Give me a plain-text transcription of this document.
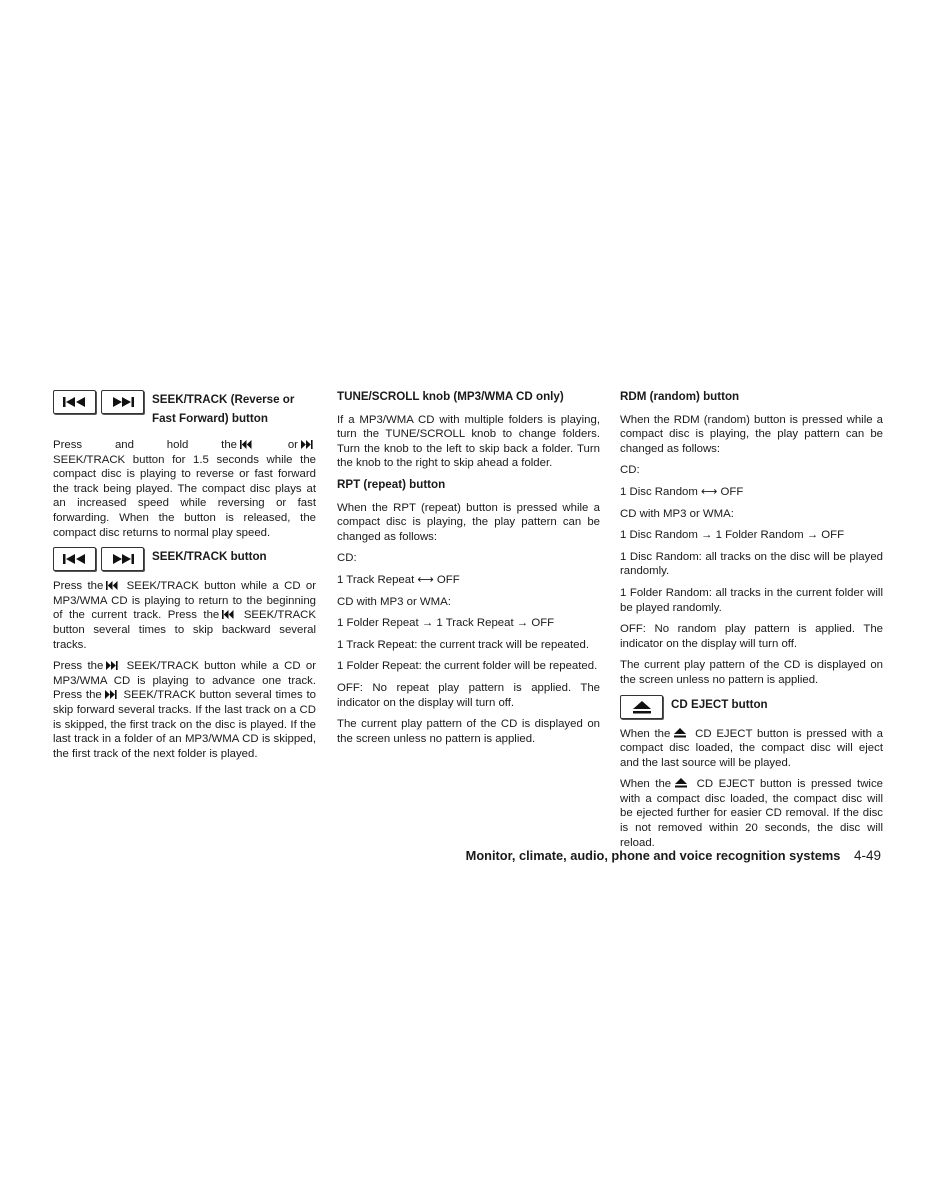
SEEK/TRACK (Reverse or
Fast Forward) button

Press	and	hold	the	or
SEEK/TRACK button for 1.5 seconds while the compact disc is playing to reverse or fast forward the track being played. The compact disc plays at an increased speed while reversing or fast forwarding. When the button is released, the compact disc returns to normal play speed.

SEEK/TRACK button

Press the SEEK/TRACK button while a CD or MP3/WMA CD is playing to return to the beginning of the current track. Press the SEEK/TRACK button several times to skip backward several tracks.

Press the SEEK/TRACK button while a CD or MP3/WMA CD is playing to advance one track. Press the SEEK/TRACK button several times to skip forward several tracks. If the last track on a CD is skipped, the first track on the disc is played. If the last track in a folder of an MP3/WMA CD is skipped, the first track of the next folder is played.

TUNE/SCROLL knob (MP3/WMA CD only)

If a MP3/WMA CD with multiple folders is playing, turn the TUNE/SCROLL knob to change folders. Turn the knob to the left to skip back a folder. Turn the knob to the right to skip ahead a folder.

RPT (repeat) button

When the RPT (repeat) button is pressed while a compact disc is playing, the play pattern can be changed as follows:

CD:

1 Track Repeat ⟷ OFF

CD with MP3 or WMA:

1 Folder Repeat → 1 Track Repeat → OFF

1 Track Repeat: the current track will be repeated.

1 Folder Repeat: the current folder will be repeated.

OFF: No repeat play pattern is applied. The indicator on the display will turn off.

The current play pattern of the CD is displayed on the screen unless no pattern is applied.

RDM (random) button

When the RDM (random) button is pressed while a compact disc is playing, the play pattern can be changed as follows:

CD:

1 Disc Random ⟷ OFF

CD with MP3 or WMA:

1 Disc Random → 1 Folder Random → OFF

1 Disc Random: all tracks on the disc will be played randomly.

1 Folder Random: all tracks in the current folder will be played randomly.

OFF: No random play pattern is applied. The indicator on the display will turn off.

The current play pattern of the CD is displayed on the screen unless no pattern is applied.

CD EJECT button

When the CD EJECT button is pressed with a compact disc loaded, the compact disc will eject and the last source will be played.

When the CD EJECT button is pressed twice with a compact disc loaded, the compact disc will be ejected further for easier CD removal. If the disc is not removed within 20 seconds, the disc will reload.

Monitor, climate, audio, phone and voice recognition systems 4-49
